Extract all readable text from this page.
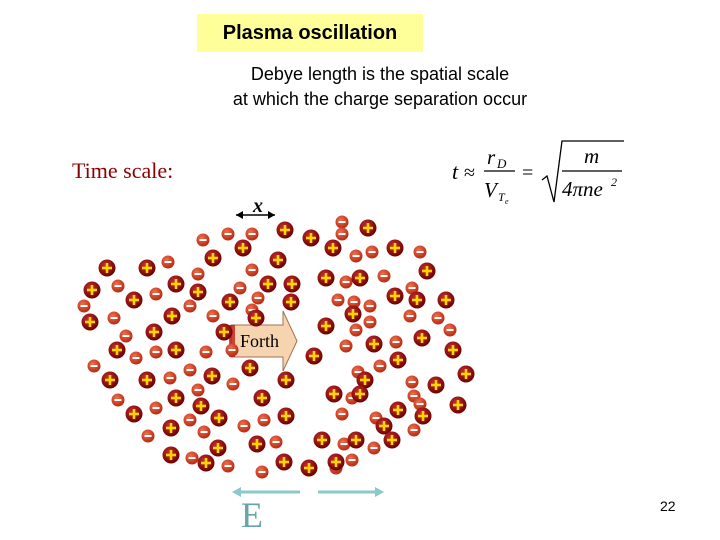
Plasma oscillation
Debye length is the spatial scale
at which the charge separation occur
Time scale:	t ≈
r D
V T e
=
m
4πne 2
x
Forth
E	22
